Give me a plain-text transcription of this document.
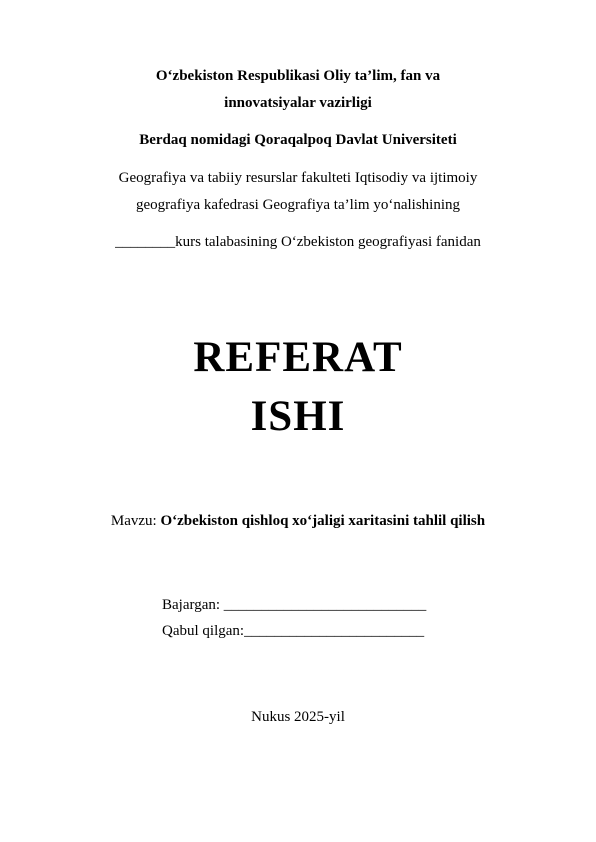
O‘zbekiston Respublikasi Oliy ta’lim, fan va
innovatsiyalar vazirligi
Berdaq nomidagi Qoraqalpoq Davlat Universiteti
Geografiya va tabiiy resurslar fakulteti Iqtisodiy va ijtimoiy
geografiya kafedrasi Geografiya ta’lim yo‘nalishining
________kurs talabasining O‘zbekiston geografiyasi fanidan
REFERAT
ISHI
Mavzu: O‘zbekiston qishloq xo‘jaligi xaritasini tahlil qilish
Bajargan: ___________________________
Qabul qilgan:________________________
Nukus 2025-yil
